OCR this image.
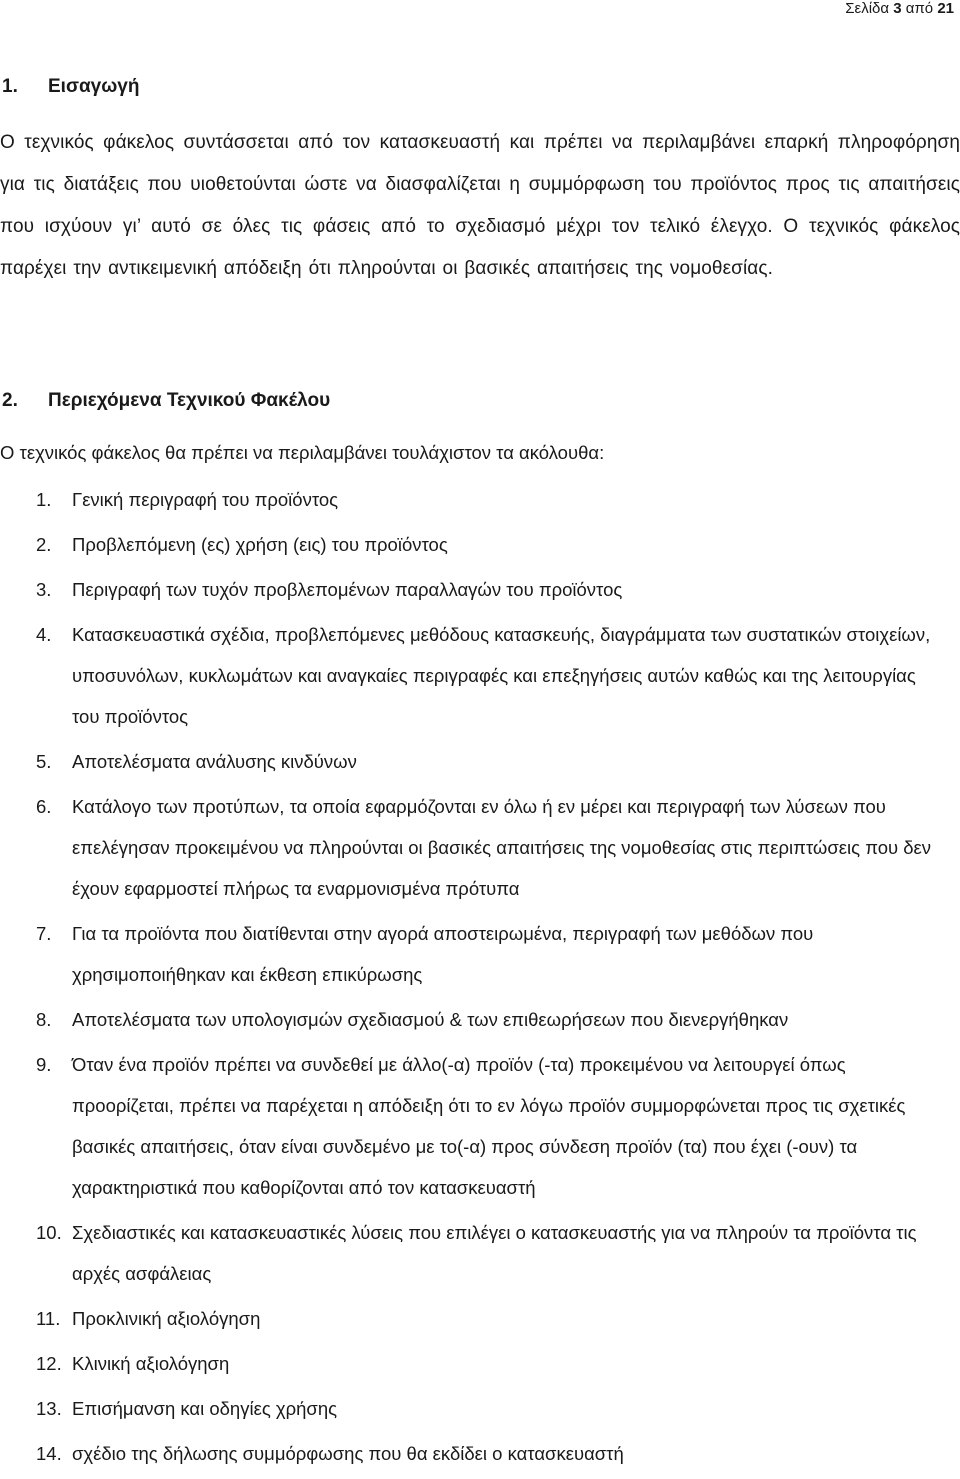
Σελίδα 3 από 21
1. Εισαγωγή

Ο τεχνικός φάκελος συντάσσεται από τον κατασκευαστή και πρέπει να περιλαμβάνει επαρκή πληροφόρηση για τις διατάξεις που υιοθετούνται ώστε να διασφαλίζεται η συμμόρφωση του προϊόντος προς τις απαιτήσεις που ισχύουν γι’ αυτό σε όλες τις φάσεις από το σχεδιασμό μέχρι τον τελικό έλεγχο. Ο τεχνικός φάκελος παρέχει την αντικειμενική απόδειξη ότι πληρούνται οι βασικές απαιτήσεις της νομοθεσίας.

2. Περιεχόμενα Τεχνικού Φακέλου
Ο τεχνικός φάκελος θα πρέπει να περιλαμβάνει τουλάχιστον τα ακόλουθα:
1. Γενική περιγραφή του προϊόντος
2. Προβλεπόμενη (ες) χρήση (εις) του προϊόντος
3. Περιγραφή των τυχόν προβλεπομένων παραλλαγών του προϊόντος
4. Κατασκευαστικά σχέδια, προβλεπόμενες μεθόδους κατασκευής, διαγράμματα των συστατικών στοιχείων, υποσυνόλων, κυκλωμάτων και αναγκαίες περιγραφές και επεξηγήσεις αυτών καθώς και της λειτουργίας του προϊόντος
5. Αποτελέσματα ανάλυσης κινδύνων
6. Κατάλογο των προτύπων, τα οποία εφαρμόζονται εν όλω ή εν μέρει και περιγραφή των λύσεων που επελέγησαν προκειμένου να πληρούνται οι βασικές απαιτήσεις της νομοθεσίας στις περιπτώσεις που δεν έχουν εφαρμοστεί πλήρως τα εναρμονισμένα πρότυπα
7. Για τα προϊόντα που διατίθενται στην αγορά αποστειρωμένα, περιγραφή των μεθόδων που χρησιμοποιήθηκαν και έκθεση επικύρωσης
8. Αποτελέσματα των υπολογισμών σχεδιασμού & των επιθεωρήσεων που διενεργήθηκαν
9. Όταν ένα προϊόν πρέπει να συνδεθεί με άλλο(-α) προϊόν (-τα) προκειμένου να λειτουργεί όπως προορίζεται, πρέπει να παρέχεται η απόδειξη ότι το εν λόγω προϊόν συμμορφώνεται προς τις σχετικές βασικές απαιτήσεις, όταν είναι συνδεμένο με το(-α) προς σύνδεση προϊόν (τα) που έχει (-ουν) τα χαρακτηριστικά που καθορίζονται από τον κατασκευαστή
10. Σχεδιαστικές και κατασκευαστικές λύσεις που επιλέγει ο κατασκευαστής για να πληρούν τα προϊόντα τις αρχές ασφάλειας
11. Προκλινική αξιολόγηση
12. Κλινική αξιολόγηση
13. Επισήμανση και οδηγίες χρήσης
14. σχέδιο της δήλωσης συμμόρφωσης που θα εκδίδει ο κατασκευαστή
